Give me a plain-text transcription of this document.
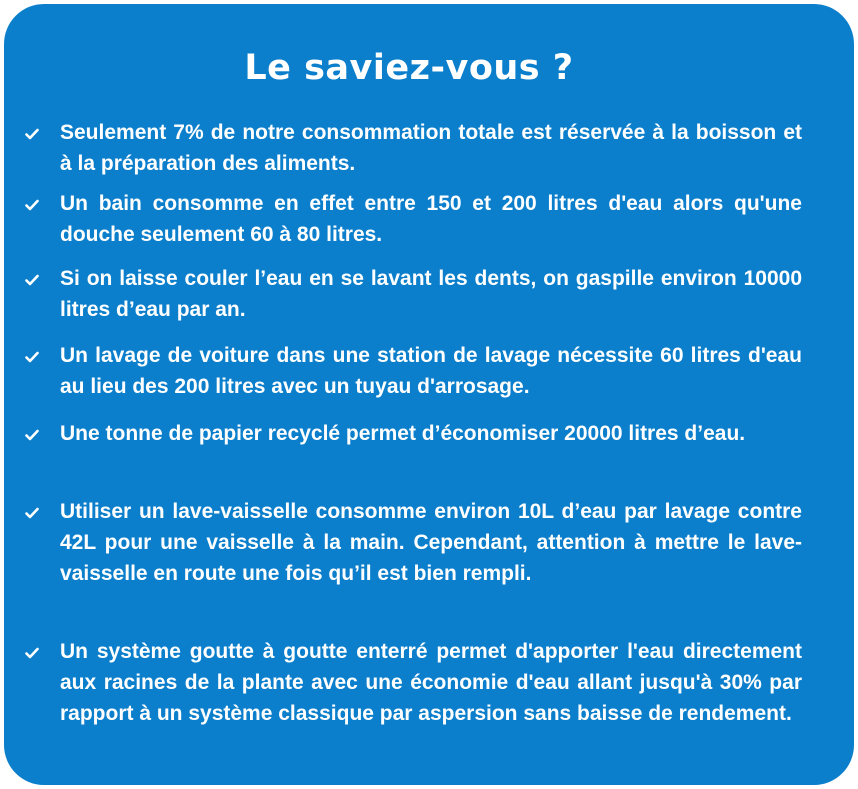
Le saviez-vous ?
Seulement 7% de notre consommation totale est réservée à la boisson et à la préparation des aliments.
Un bain consomme en effet entre 150 et 200 litres d'eau alors qu'une douche seulement 60 à 80 litres.
Si on laisse couler l’eau en se lavant les dents, on gaspille environ 10000 litres d’eau par an.
Un lavage de voiture dans une station de lavage nécessite 60 litres d'eau au lieu des 200 litres avec un tuyau d'arrosage.
Une tonne de papier recyclé permet d’économiser 20000 litres d’eau.
Utiliser un lave-vaisselle consomme environ 10L d’eau par lavage contre 42L pour une vaisselle à la main. Cependant, attention à mettre le lave-vaisselle en route une fois qu’il est bien rempli.
Un système goutte à goutte enterré permet d'apporter l'eau directement aux racines de la plante avec une économie d'eau allant jusqu'à 30% par rapport à un système classique par aspersion sans baisse de rendement.
